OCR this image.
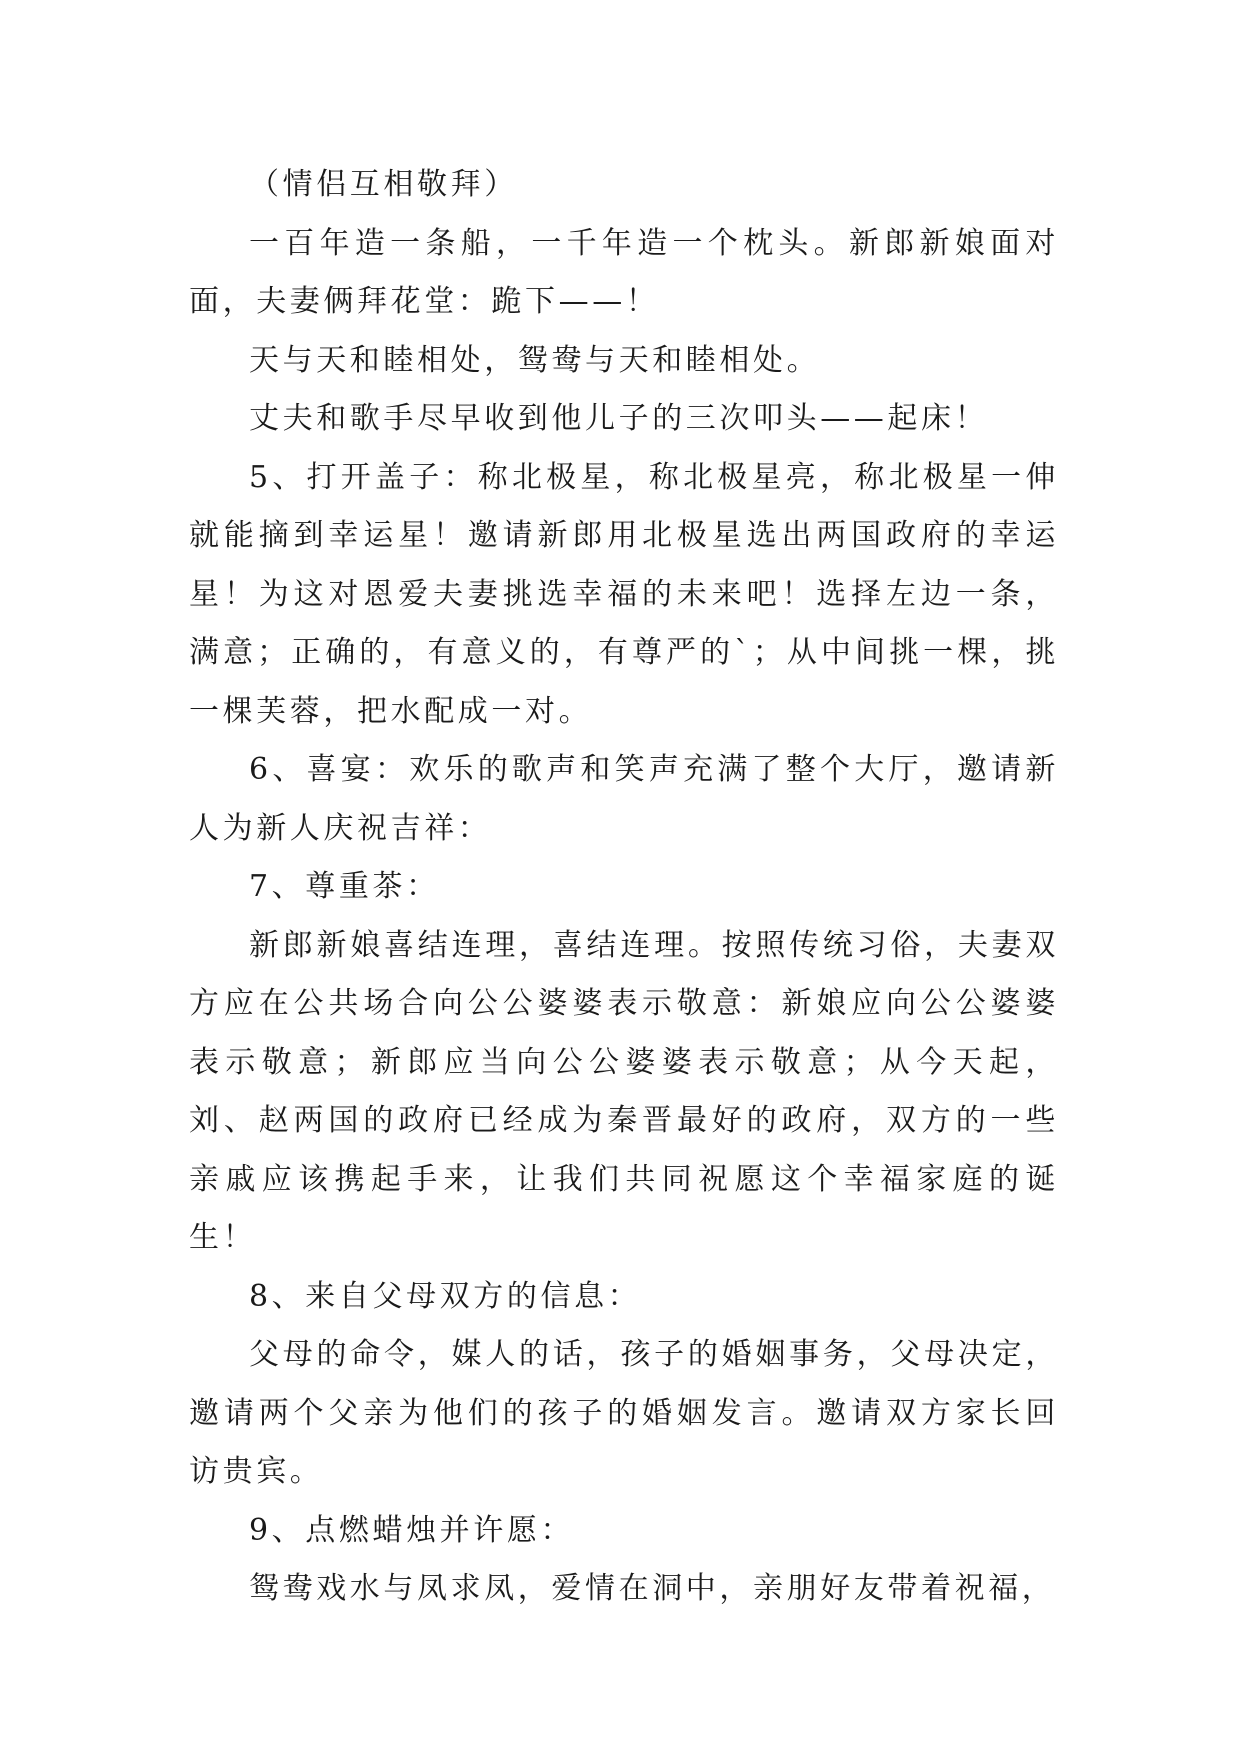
（情侣互相敬拜）

一百年造一条船，一千年造一个枕头。新郎新娘面对面，夫妻俩拜花堂：跪下——！

天与天和睦相处，鸳鸯与天和睦相处。

丈夫和歌手尽早收到他儿子的三次叩头——起床！

5、打开盖子：称北极星，称北极星亮，称北极星一伸就能摘到幸运星！邀请新郎用北极星选出两国政府的幸运星！为这对恩爱夫妻挑选幸福的未来吧！选择左边一条，满意；正确的，有意义的，有尊严的`；从中间挑一棵，挑一棵芙蓉，把水配成一对。

6、喜宴：欢乐的歌声和笑声充满了整个大厅，邀请新人为新人庆祝吉祥：

7、尊重茶：

新郎新娘喜结连理，喜结连理。按照传统习俗，夫妻双方应在公共场合向公公婆婆表示敬意：新娘应向公公婆婆表示敬意；新郎应当向公公婆婆表示敬意；从今天起，刘、赵两国的政府已经成为秦晋最好的政府，双方的一些亲戚应该携起手来，让我们共同祝愿这个幸福家庭的诞生！

8、来自父母双方的信息：

父母的命令，媒人的话，孩子的婚姻事务，父母决定，邀请两个父亲为他们的孩子的婚姻发言。邀请双方家长回访贵宾。

9、点燃蜡烛并许愿：

鸳鸯戏水与凤求凤，爱情在洞中，亲朋好友带着祝福，
